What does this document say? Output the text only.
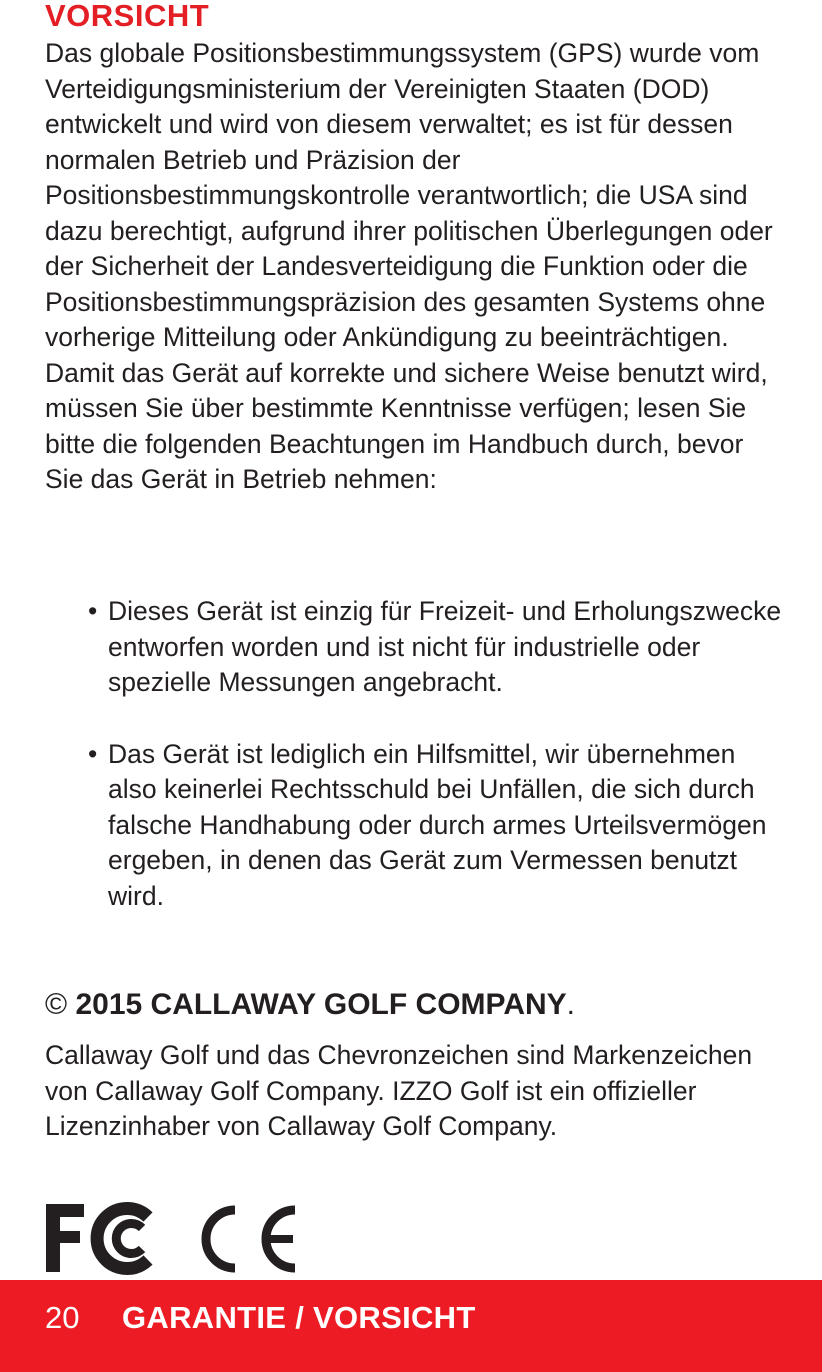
VORSICHT

Das globale Positionsbestimmungssystem (GPS) wurde vom Verteidigungsministerium der Vereinigten Staaten (DOD) entwickelt und wird von diesem verwaltet; es ist für dessen normalen Betrieb und Präzision der Positionsbestimmungskontrolle verantwortlich; die USA sind dazu berechtigt, aufgrund ihrer politischen Überlegungen oder der Sicherheit der Landesverteidigung die Funktion oder die Positionsbestimmungspräzision des gesamten Systems ohne vorherige Mitteilung oder Ankündigung zu beeinträchtigen. Damit das Gerät auf korrekte und sichere Weise benutzt wird, müssen Sie über bestimmte Kenntnisse verfügen; lesen Sie bitte die folgenden Beachtungen im Handbuch durch, bevor Sie das Gerät in Betrieb nehmen:

• Dieses Gerät ist einzig für Freizeit- und Erholungszwecke entworfen worden und ist nicht für industrielle oder spezielle Messungen angebracht.
• Das Gerät ist lediglich ein Hilfsmittel, wir übernehmen also keinerlei Rechtsschuld bei Unfällen, die sich durch falsche Handhabung oder durch armes Urteilsvermögen ergeben, in denen das Gerät zum Vermessen benutzt wird.

© 2015 CALLAWAY GOLF COMPANY.

Callaway Golf und das Chevronzeichen sind Markenzeichen von Callaway Golf Company. IZZO Golf ist ein offizieller Lizenzinhaber von Callaway Golf Company.

20 GARANTIE / VORSICHT
